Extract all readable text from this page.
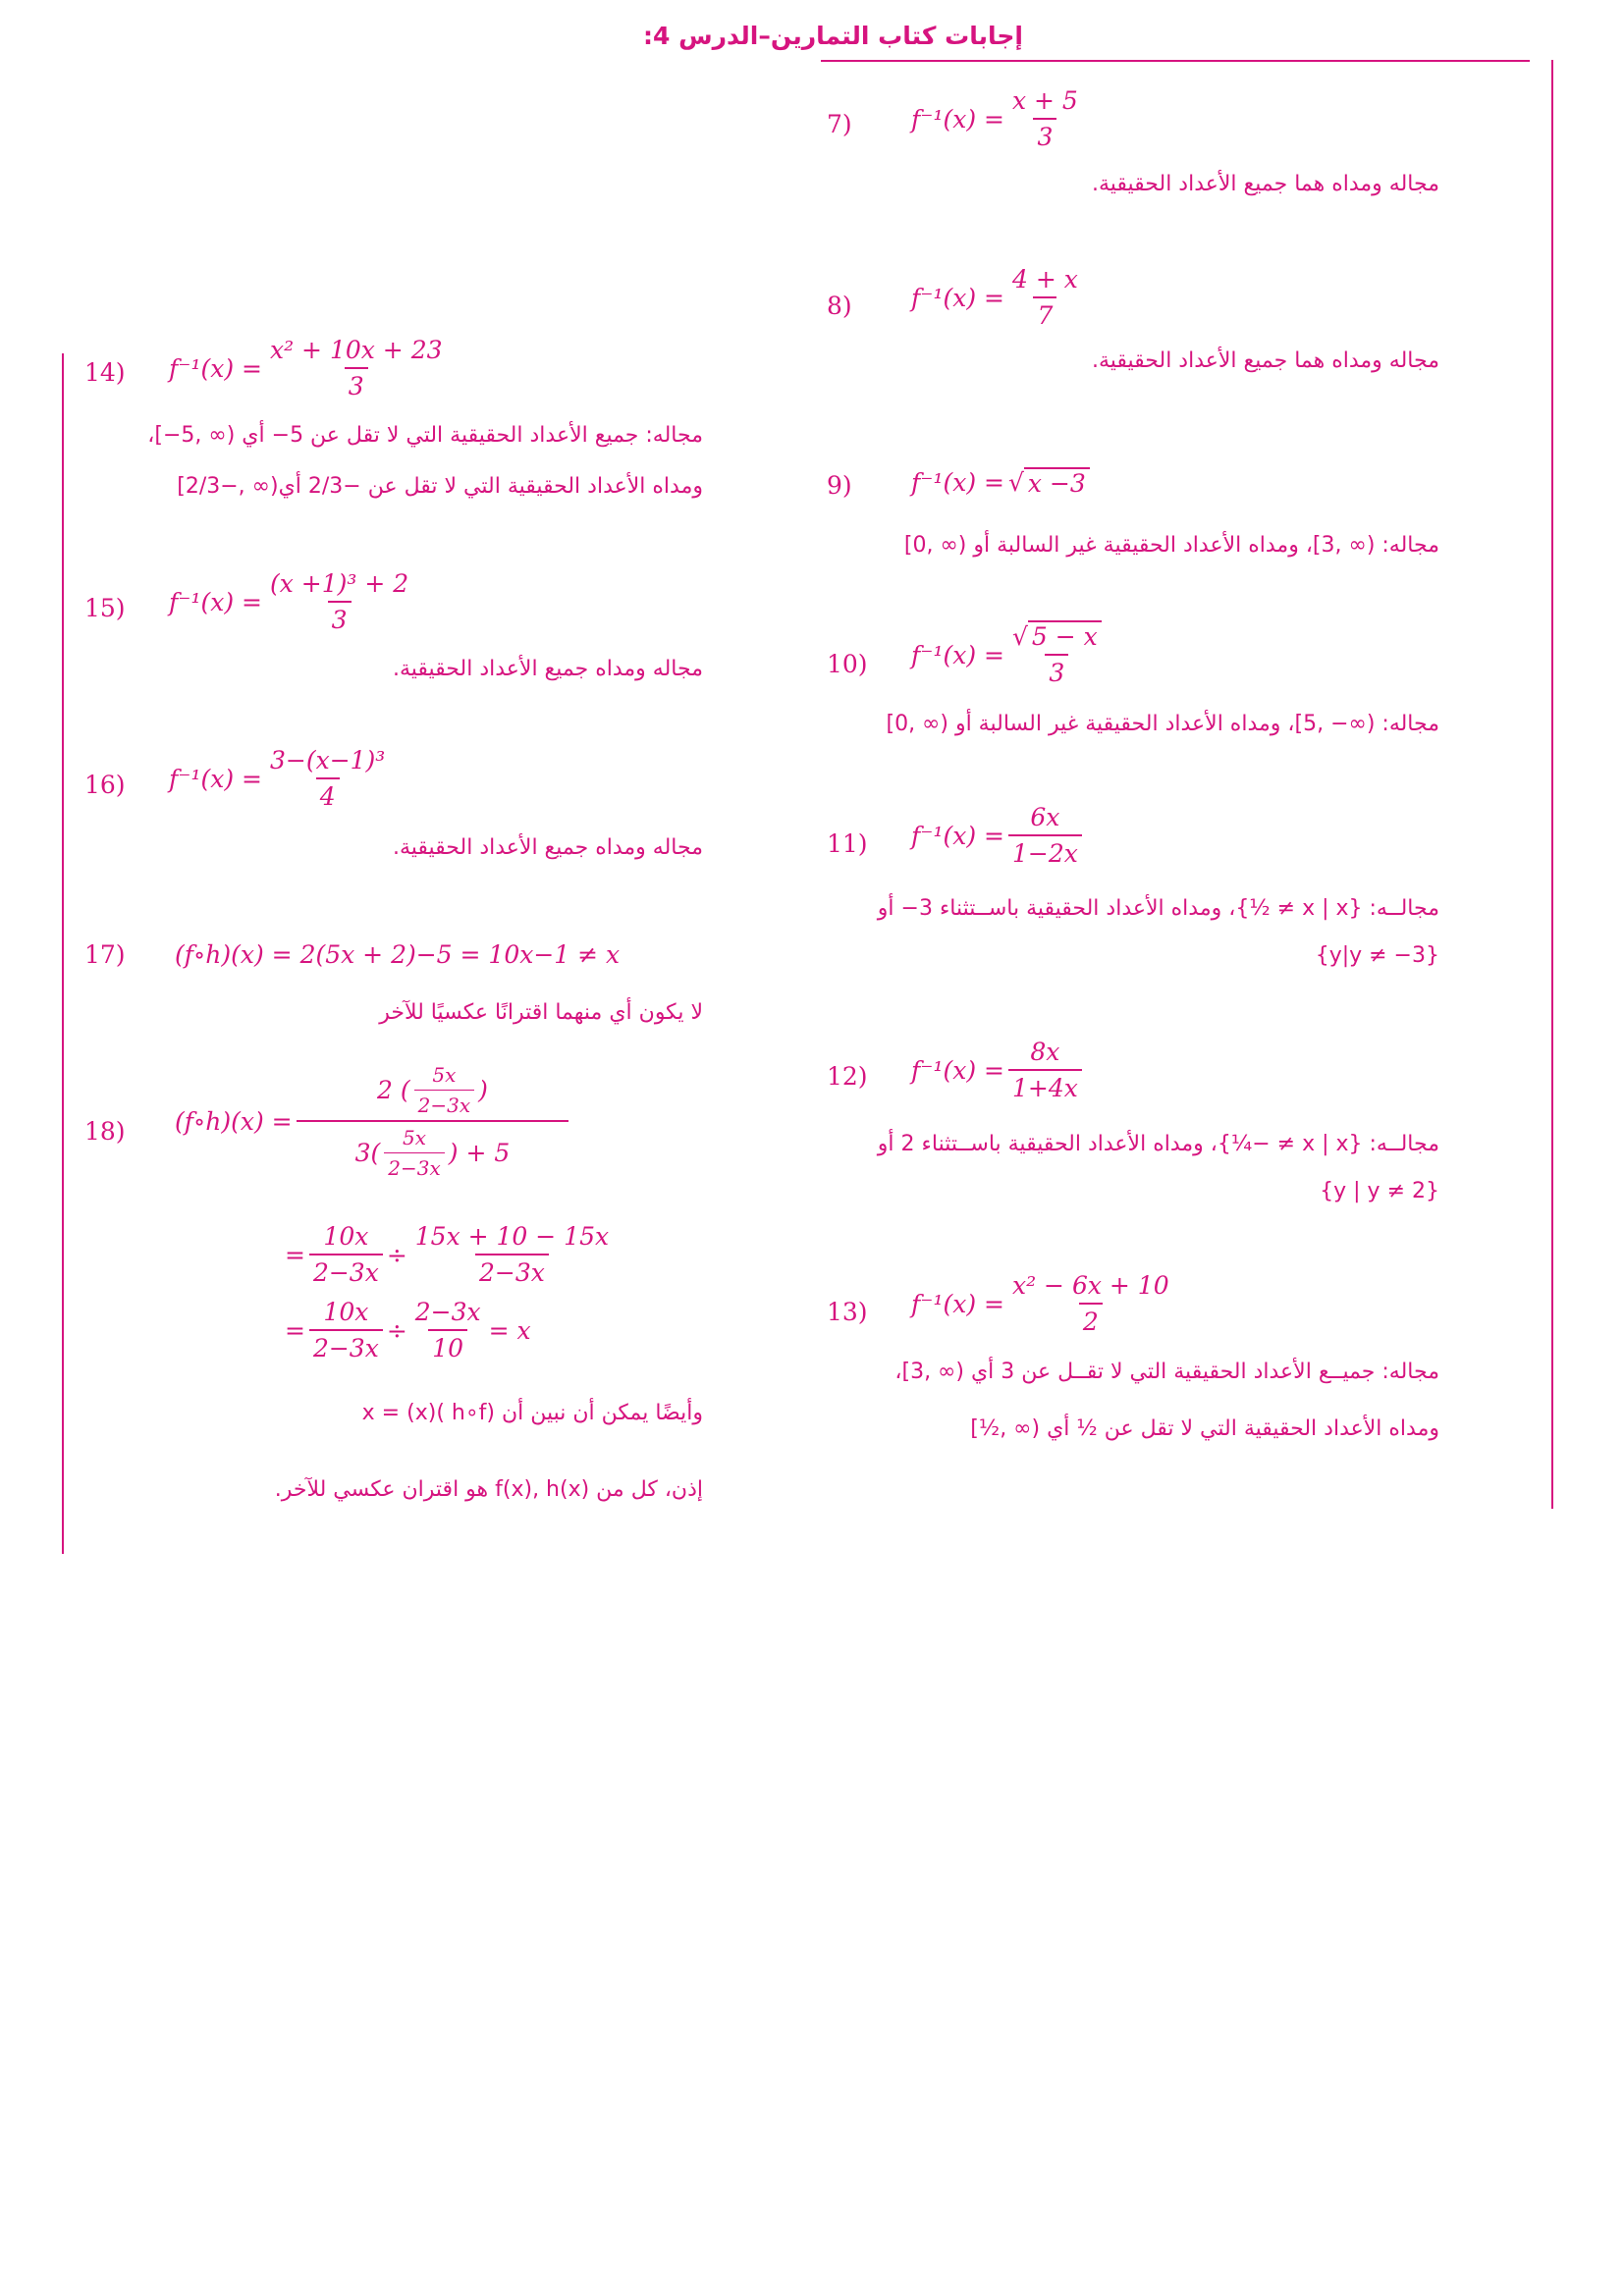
إجابات كتاب التمارين–الدرس 4:
7) $f^{-1}(x) = \frac{x + 5}{3}$
مجاله ومداه هما جميع الأعداد الحقيقية.
8) $f^{-1}(x) = \frac{4 + x}{7}$
مجاله ومداه هما جميع الأعداد الحقيقية.
9) f⁻¹(x) = √ x −3
مجاله: (∞ ,3]، ومداه الأعداد الحقيقية غير السالبة أو (∞ ,0]
10) $f^{-1}(x) = \frac{√ 5 - x}{3}$
مجاله: (∞− ,5]، ومداه الأعداد الحقيقية غير السالبة أو (∞ ,0]
11) $f^{-1}(x) = \frac{6x}{1-2x}$
مجالــه: {x | x ≠ ½}، ومداه الأعداد الحقيقية باســتثناء 3− أو
{y|y ≠ −3}
12) $f^{-1}(x) = \frac{8x}{1+4x}$
مجالــه: {x | x ≠ −¼}، ومداه الأعداد الحقيقية باســتثناء 2 أو
{y | y ≠ 2}
13) $f^{-1}(x) = \frac{\text{x² − 6x + 10}}{2}$
مجاله: جميــع الأعداد الحقيقية التي لا تقــل عن 3 أي (∞ ,3]،
ومداه الأعداد الحقيقية التي لا تقل عن ½ أي (∞ ,½]
14) $f^{-1}(x) = \frac{\text{x² + 10x + 23}}{3}$
مجاله: جميع الأعداد الحقيقية التي لا تقل عن 5− أي (∞ ,5−]،
ومداه الأعداد الحقيقية التي لا تقل عن −2/3 أي(∞ ,−2/3]
15) $f^{-1}(x) = \frac{\text{(x +1)³ + 2}}{3}$
مجاله ومداه جميع الأعداد الحقيقية.
16) $f^{-1}(x) = \frac{\text{3−(x−1)³}}{4}$
مجاله ومداه جميع الأعداد الحقيقية.
17) (f∘h)(x) = 2(5x + 2)−5 = 10x−1 ≠ x
لا يكون أي منهما اقترانًا عكسيًا للآخر
18) (f∘h)(x) = $\frac{2 ( \frac{5x}{2-3x} )}{3( \frac{5x}{2-3x} ) + 5}$
= $\frac{10x}{2-3x} \div \frac{15x + 10 - 15x}{2-3x}$
= $\frac{10x}{2-3x} \div \frac{2-3x}{10} = x$
وأيضًا يمكن أن نبين أن (h∘f )(x) = x
إذن، كل من f(x), h(x) هو اقتران عكسي للآخر.
